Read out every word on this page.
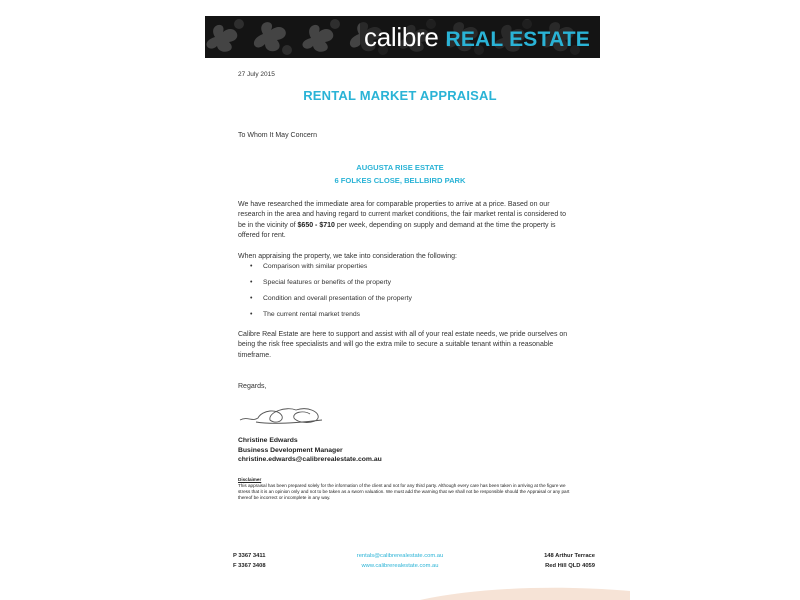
calibre REAL ESTATE
27 July 2015
RENTAL MARKET APPRAISAL
To Whom It May Concern
AUGUSTA RISE ESTATE
6 FOLKES CLOSE, BELLBIRD PARK

We have researched the immediate area for comparable properties to arrive at a price. Based on our research in the area and having regard to current market conditions, the fair market rental is considered to be in the vicinity of $650 - $710 per week, depending on supply and demand at the time the property is offered for rent.

When appraising the property, we take into consideration the following:

• Comparison with similar properties
• Special features or benefits of the property
• Condition and overall presentation of the property
• The current rental market trends

Calibre Real Estate are here to support and assist with all of your real estate needs, we pride ourselves on being the risk free specialists and will go the extra mile to secure a suitable tenant within a reasonable timeframe.

Regards,
Christine Edwards
Business Development Manager
christine.edwards@calibrerealestate.com.au
Disclaimer
This appraisal has been prepared solely for the information of the client and not for any third party. Although every care has been taken in arriving at the figure we stress that it is an opinion only and not to be taken as a sworn valuation. We must add the warning that we shall not be responsible should the Appraisal or any part thereof be incorrect or incomplete in any way.
P 3367 3411
F 3367 3408
rentals@calibrerealestate.com.au
www.calibrerealestate.com.au
148 Arthur Terrace
Red Hill QLD 4059
